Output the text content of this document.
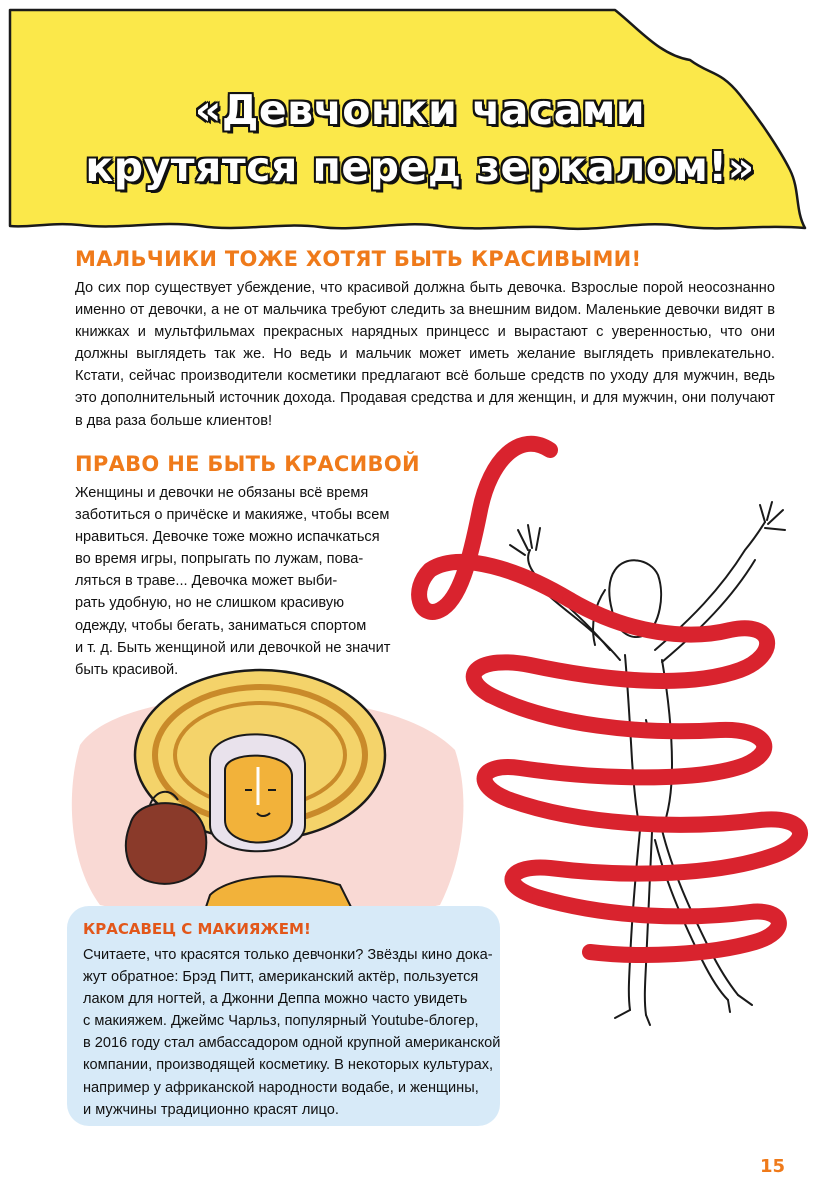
«Девчонки часами
крутятся перед зеркалом!»
МАЛЬЧИКИ ТОЖЕ ХОТЯТ БЫТЬ КРАСИВЫМИ!

До сих пор существует убеждение, что красивой должна быть девочка. Взрослые порой неосознанно именно от девочки, а не от мальчика требуют следить за внешним видом. Маленькие девочки видят в книжках и мультфильмах прекрасных нарядных принцесс и вырастают с уверенностью, что они должны выглядеть так же. Но ведь и мальчик может иметь желание выглядеть привлекательно. Кстати, сейчас производители косметики предлагают всё больше средств по уходу для мужчин, ведь это дополнительный источник дохода. Продавая средства и для женщин, и для мужчин, они получают в два раза больше клиентов!

ПРАВО НЕ БЫТЬ КРАСИВОЙ

Женщины и девочки не обязаны всё время
заботиться о причёске и макияже, чтобы всем
нравиться. Девочке тоже можно испачкаться
во время игры, попрыгать по лужам, пова-
ляться в траве... Девочка может выби-
рать удобную, но не слишком красивую
одежду, чтобы бегать, заниматься спортом
и т. д. Быть женщиной или девочкой не значит
быть красивой.

КРАСАВЕЦ С МАКИЯЖЕМ!
Считаете, что красятся только девчонки? Звёзды кино дока-
жут обратное: Брэд Питт, американский актёр, пользуется
лаком для ногтей, а Джонни Деппа можно часто увидеть
с макияжем. Джеймс Чарльз, популярный Youtube-блогер,
в 2016 году стал амбассадором одной крупной американской
компании, производящей косметику. В некоторых культурах,
например у африканской народности водабе, и женщины,
и мужчины традиционно красят лицо.
15
